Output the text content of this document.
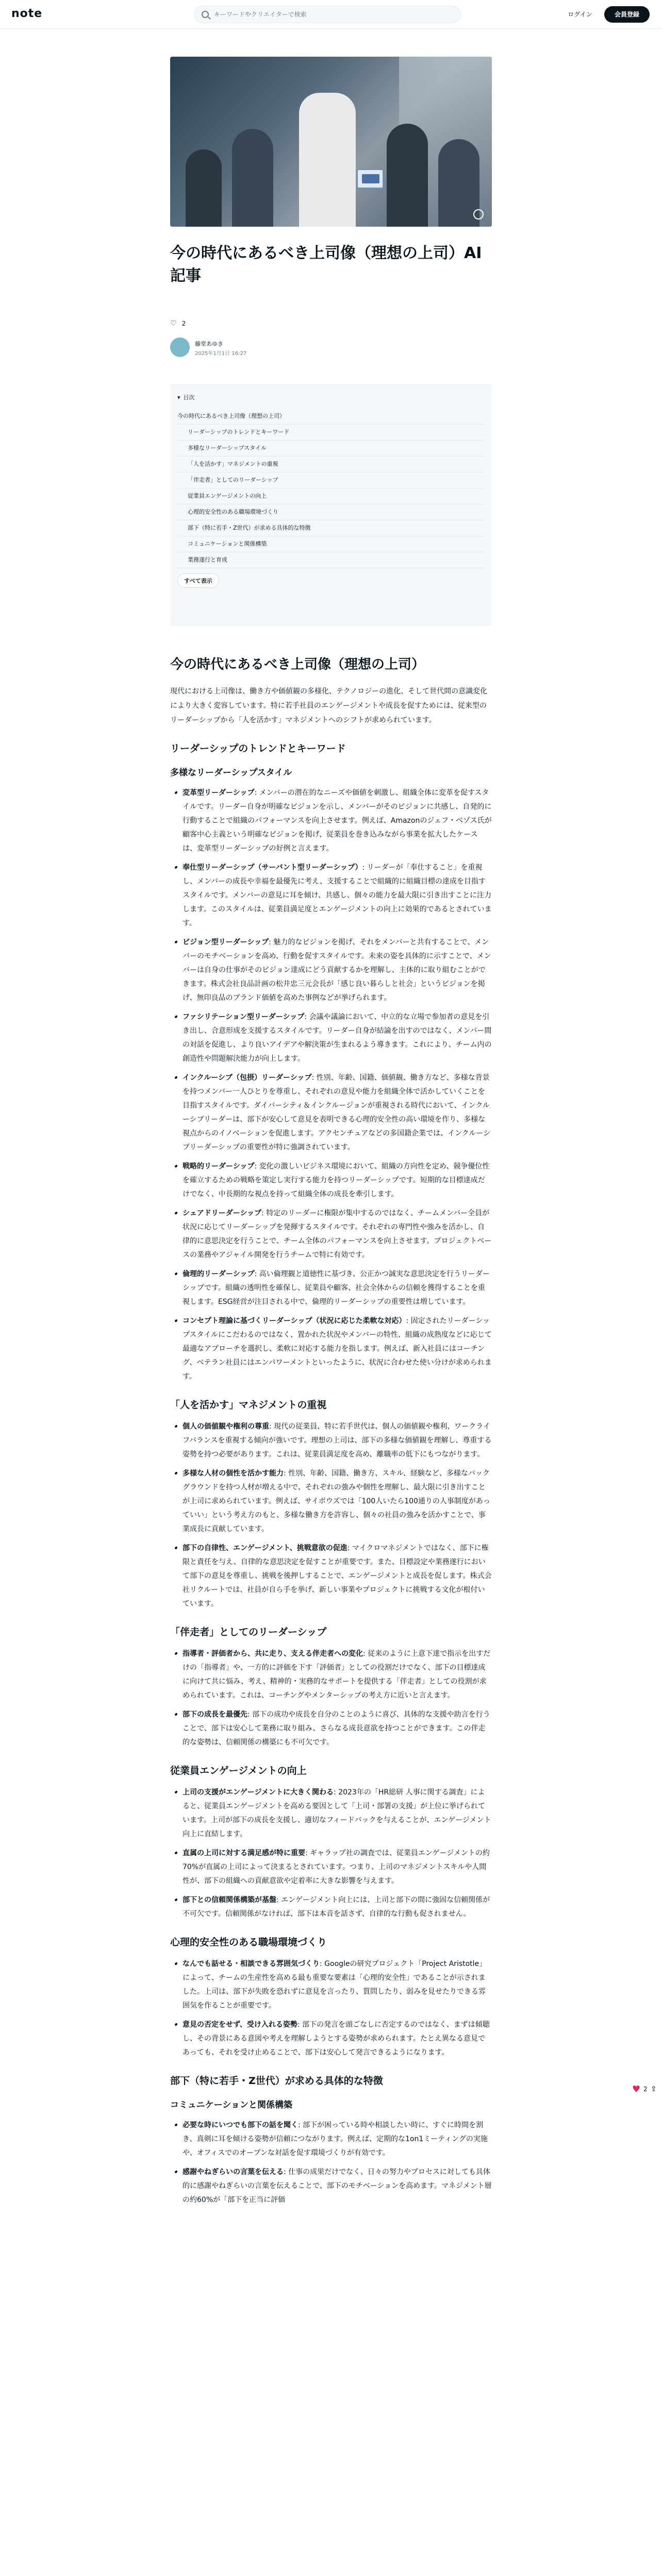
note
キーワードやクリエイターで検索	ログイン	会員登録
今の時代にあるべき上司像（理想の上司）AI記事
♡ 2
藤堂あゆき
2025年1月1日 16:27
▾ 目次
今の時代にあるべき上司像（理想の上司）
リーダーシップのトレンドとキーワード
多様なリーダーシップスタイル
「人を活かす」マネジメントの重視
「伴走者」としてのリーダーシップ
従業員エンゲージメントの向上
心理的安全性のある職場環境づくり
部下（特に若手・Z世代）が求める具体的な特徴
コミュニケーションと関係構築
業務遂行と育成
すべて表示
今の時代にあるべき上司像（理想の上司）

現代における上司像は、働き方や価値観の多様化、テクノロジーの進化、そして世代間の意識変化により大きく変容しています。特に若手社員のエンゲージメントや成長を促すためには、従来型のリーダーシップから「人を活かす」マネジメントへのシフトが求められています。

リーダーシップのトレンドとキーワード
多様なリーダーシップスタイル
• • 変革型リーダーシップ: メンバーの潜在的なニーズや価値を刺激し、組織全体に変革を促すスタイルです。リーダー自身が明確なビジョンを示し、メンバーがそのビジョンに共感し、自発的に行動することで組織のパフォーマンスを向上させます。例えば、Amazonのジェフ・ベゾス氏が顧客中心主義という明確なビジョンを掲げ、従業員を巻き込みながら事業を拡大したケースは、変革型リーダーシップの好例と言えます。
• • 奉仕型リーダーシップ（サーバント型リーダーシップ）: リーダーが「奉仕すること」を重視し、メンバーの成長や幸福を最優先に考え、支援することで組織的に組織目標の達成を目指すスタイルです。メンバーの意見に耳を傾け、共感し、個々の能力を最大限に引き出すことに注力します。このスタイルは、従業員満足度とエンゲージメントの向上に効果的であるとされています。
• • ビジョン型リーダーシップ: 魅力的なビジョンを掲げ、それをメンバーと共有することで、メンバーのモチベーションを高め、行動を促すスタイルです。未来の姿を具体的に示すことで、メンバーは自身の仕事がそのビジョン達成にどう貢献するかを理解し、主体的に取り組むことができます。株式会社良品計画の松井忠三元会長が「感じ良い暮らしと社会」というビジョンを掲げ、無印良品のブランド価値を高めた事例などが挙げられます。
• • ファシリテーション型リーダーシップ: 会議や議論において、中立的な立場で参加者の意見を引き出し、合意形成を支援するスタイルです。リーダー自身が結論を出すのではなく、メンバー間の対話を促進し、より良いアイデアや解決策が生まれるよう導きます。これにより、チーム内の創造性や問題解決能力が向上します。
• • インクルーシブ（包摂）リーダーシップ: 性別、年齢、国籍、価値観、働き方など、多様な背景を持つメンバー一人ひとりを尊重し、それぞれの意見や能力を組織全体で活かしていくことを目指すスタイルです。ダイバーシティ＆インクルージョンが重視される時代において、インクルーシブリーダーは、部下が安心して意見を表明できる心理的安全性の高い環境を作り、多様な視点からのイノベーションを促進します。アクセンチュアなどの多国籍企業では、インクルーシブリーダーシップの重要性が特に強調されています。
• • 戦略的リーダーシップ: 変化の激しいビジネス環境において、組織の方向性を定め、競争優位性を確立するための戦略を策定し実行する能力を持つリーダーシップです。短期的な目標達成だけでなく、中長期的な視点を持って組織全体の成長を牽引します。
• • シェアドリーダーシップ: 特定のリーダーに権限が集中するのではなく、チームメンバー全員が状況に応じてリーダーシップを発揮するスタイルです。それぞれの専門性や強みを活かし、自律的に意思決定を行うことで、チーム全体のパフォーマンスを向上させます。プロジェクトベースの業務やアジャイル開発を行うチームで特に有効です。
• • 倫理的リーダーシップ: 高い倫理観と道徳性に基づき、公正かつ誠実な意思決定を行うリーダーシップです。組織の透明性を確保し、従業員や顧客、社会全体からの信頼を獲得することを重視します。ESG経営が注目される中で、倫理的リーダーシップの重要性は増しています。
• • コンセプト理論に基づくリーダーシップ（状況に応じた柔軟な対応）: 固定されたリーダーシップスタイルにこだわるのではなく、置かれた状況やメンバーの特性、組織の成熟度などに応じて最適なアプローチを選択し、柔軟に対応する能力を指します。例えば、新入社員にはコーチング、ベテラン社員にはエンパワーメントといったように、状況に合わせた使い分けが求められます。
「人を活かす」マネジメントの重視
• • 個人の価値観や権利の尊重: 現代の従業員、特に若手世代は、個人の価値観や権利、ワークライフバランスを重視する傾向が強いです。理想の上司は、部下の多様な価値観を理解し、尊重する姿勢を持つ必要があります。これは、従業員満足度を高め、離職率の低下にもつながります。
• • 多様な人材の個性を活かす能力: 性別、年齢、国籍、働き方、スキル、経験など、多様なバックグラウンドを持つ人材が増える中で、それぞれの強みや個性を理解し、最大限に引き出すことが上司に求められています。例えば、サイボウズでは「100人いたら100通りの人事制度があっていい」という考え方のもと、多様な働き方を許容し、個々の社員の強みを活かすことで、事業成長に貢献しています。
• • 部下の自律性、エンゲージメント、挑戦意欲の促進: マイクロマネジメントではなく、部下に権限と責任を与え、自律的な意思決定を促すことが重要です。また、目標設定や業務遂行において部下の意見を尊重し、挑戦を後押しすることで、エンゲージメントと成長を促します。株式会社リクルートでは、社員が自ら手を挙げ、新しい事業やプロジェクトに挑戦する文化が根付いています。
「伴走者」としてのリーダーシップ
• • 指導者・評価者から、共に走り、支える伴走者への変化: 従来のように上意下達で指示を出すだけの「指導者」や、一方的に評価を下す「評価者」としての役割だけでなく、部下の目標達成に向けて共に悩み、考え、精神的・実務的なサポートを提供する「伴走者」としての役割が求められています。これは、コーチングやメンターシップの考え方に近いと言えます。
• • 部下の成長を最優先: 部下の成功や成長を自分のことのように喜び、具体的な支援や助言を行うことで、部下は安心して業務に取り組み、さらなる成長意欲を持つことができます。この伴走的な姿勢は、信頼関係の構築にも不可欠です。
従業員エンゲージメントの向上
• • 上司の支援がエンゲージメントに大きく関わる: 2023年の「HR総研 人事に関する調査」によると、従業員エンゲージメントを高める要因として「上司・部署の支援」が上位に挙げられています。上司が部下の成長を支援し、適切なフィードバックを与えることが、エンゲージメント向上に直結します。
• • 直属の上司に対する満足感が特に重要: ギャラップ社の調査では、従業員エンゲージメントの約70%が直属の上司によって決まるとされています。つまり、上司のマネジメントスキルや人間性が、部下の組織への貢献意欲や定着率に大きな影響を与えます。
• • 部下との信頼関係構築が基盤: エンゲージメント向上には、上司と部下の間に強固な信頼関係が不可欠です。信頼関係がなければ、部下は本音を話さず、自律的な行動も促されません。
心理的安全性のある職場環境づくり
• • なんでも話せる・相談できる雰囲気づくり: Googleの研究プロジェクト「Project Aristotle」によって、チームの生産性を高める最も重要な要素は「心理的安全性」であることが示されました。上司は、部下が失敗を恐れずに意見を言ったり、質問したり、弱みを見せたりできる雰囲気を作ることが重要です。
• • 意見の否定をせず、受け入れる姿勢: 部下の発言を頭ごなしに否定するのではなく、まずは傾聴し、その背景にある意図や考えを理解しようとする姿勢が求められます。たとえ異なる意見であっても、それを受け止めることで、部下は安心して発言できるようになります。
部下（特に若手・Z世代）が求める具体的な特徴
コミュニケーションと関係構築
• • 必要な時にいつでも部下の話を聞く: 部下が困っている時や相談したい時に、すぐに時間を割き、真剣に耳を傾ける姿勢が信頼につながります。例えば、定期的な1on1ミーティングの実施や、オフィスでのオープンな対話を促す環境づくりが有効です。
• • 感謝やねぎらいの言葉を伝える: 仕事の成果だけでなく、日々の努力やプロセスに対しても具体的に感謝やねぎらいの言葉を伝えることで、部下のモチベーションを高めます。マネジメント層の約60%が「部下を正当に評価
♥ 2 ⇪
